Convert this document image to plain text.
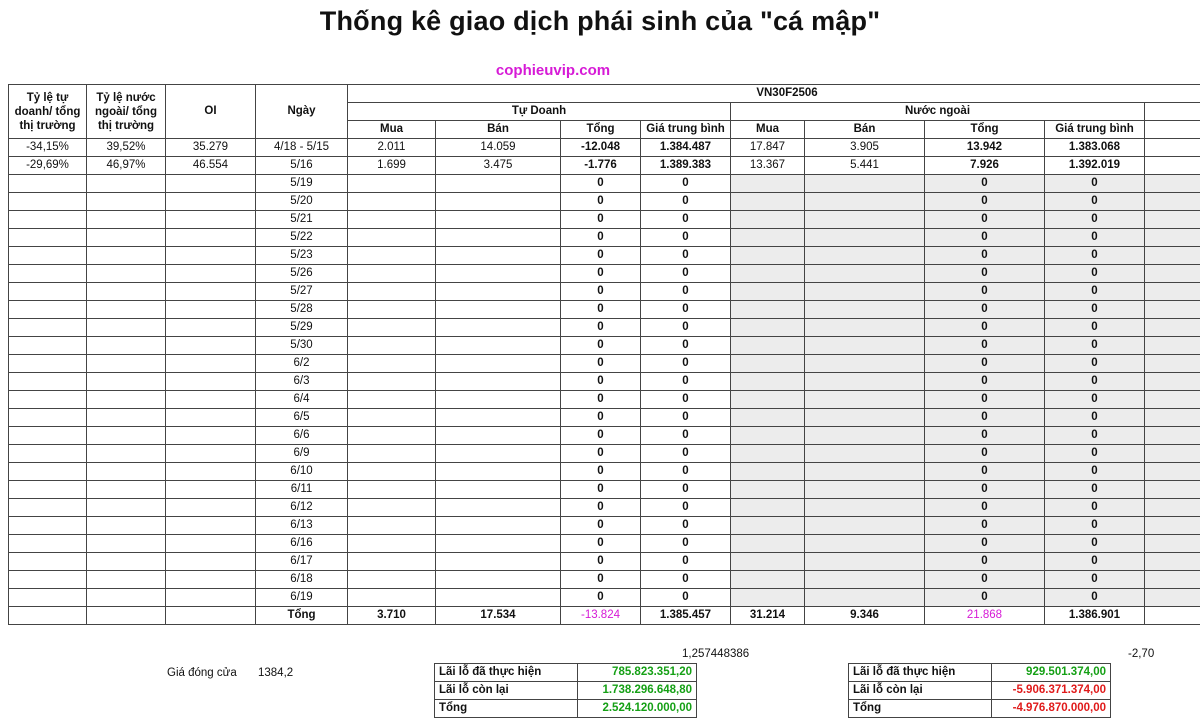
Thống kê giao dịch phái sinh của "cá mập"
cophieuvip.com
Tỷ lệ tự doanh/ tổng thị trường	Tỷ lệ nước ngoài/ tổng thị trường	OI	Ngày	VN30F2506								
				Tự Doanh				Nước ngoài				
				Mua	Bán	Tổng	Giá trung bình	Mua	Bán	Tổng	Giá trung bình	
-34,15%	39,52%	35.279	4/18 - 5/15	2.011	14.059	-12.048	1.384.487	17.847	3.905	13.942	1.383.068	
-29,69%	46,97%	46.554	5/16	1.699	3.475	-1.776	1.389.383	13.367	5.441	7.926	1.392.019	
			5/19			0	0			0	0	
			5/20			0	0			0	0	
			5/21			0	0			0	0	
			5/22			0	0			0	0	
			5/23			0	0			0	0	
			5/26			0	0			0	0	
			5/27			0	0			0	0	
			5/28			0	0			0	0	
			5/29			0	0			0	0	
			5/30			0	0			0	0	
			6/2			0	0			0	0	
			6/3			0	0			0	0	
			6/4			0	0			0	0	
			6/5			0	0			0	0	
			6/6			0	0			0	0	
			6/9			0	0			0	0	
			6/10			0	0			0	0	
			6/11			0	0			0	0	
			6/12			0	0			0	0	
			6/13			0	0			0	0	
			6/16			0	0			0	0	
			6/17			0	0			0	0	
			6/18			0	0			0	0	
			6/19			0	0			0	0	
			Tổng	3.710	17.534	-13.824	1.385.457	31.214	9.346	21.868	1.386.901	
1,257448386	-2,70
Giá đóng cửa 1384,2	Lãi lỗ đã thực hiện	785.823.351,20
Lãi lỗ còn lại	1.738.296.648,80
Tổng	2.524.120.000,00
Lãi lỗ đã thực hiện	929.501.374,00
Lãi lỗ còn lại	-5.906.371.374,00
Tổng	-4.976.870.000,00
